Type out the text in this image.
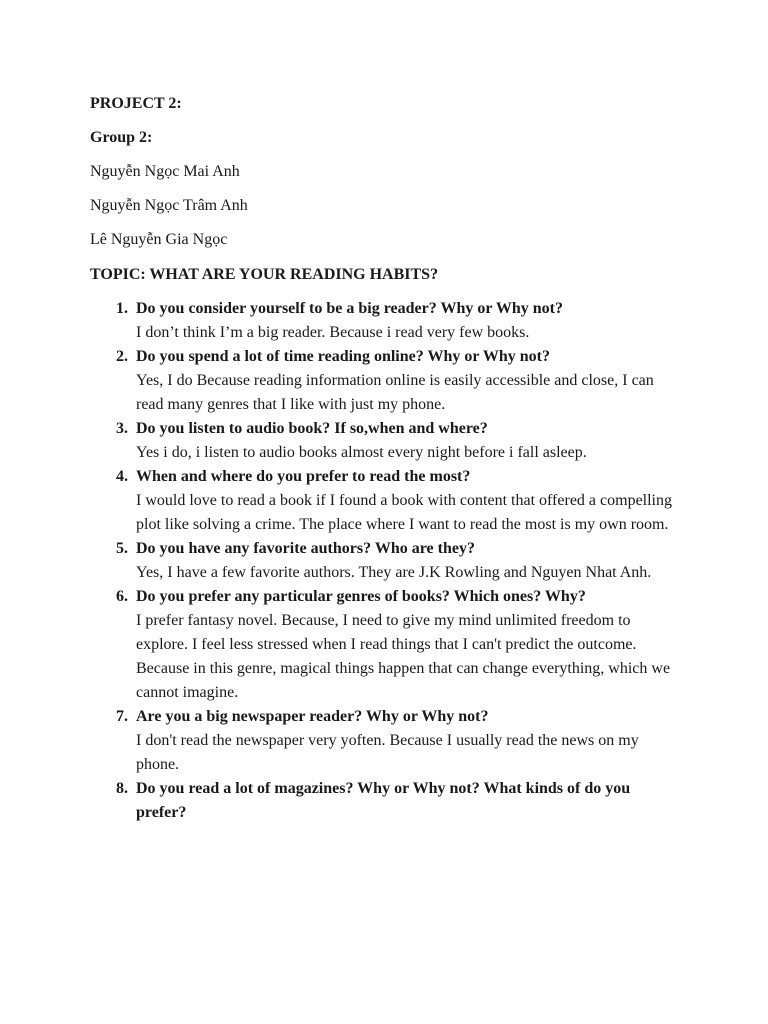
PROJECT 2:
Group 2:
Nguyễn Ngọc Mai Anh
Nguyễn Ngọc Trâm Anh
Lê Nguyễn Gia Ngọc
TOPIC: WHAT ARE YOUR READING HABITS?
1. Do you consider yourself to be a big reader? Why or Why not?
I don’t think I’m a big reader. Because i read very few books.
2. Do you spend a lot of time reading online? Why or Why not?
Yes, I do Because reading information online is easily accessible and close, I can read many genres that I like with just my phone.
3. Do you listen to audio book? If so,when and where?
Yes i do, i listen to audio books almost every night before i fall asleep.
4. When and where do you prefer to read the most?
I would love to read a book if I found a book with content that offered a compelling plot like solving a crime. The place where I want to read the most is my own room.
5. Do you have any favorite authors? Who are they?
Yes, I have a few favorite authors. They are J.K Rowling and Nguyen Nhat Anh.
6. Do you prefer any particular genres of books? Which ones? Why?
I prefer fantasy novel. Because, I need to give my mind unlimited freedom to explore. I feel less stressed when I read things that I can't predict the outcome. Because in this genre, magical things happen that can change everything, which we cannot imagine.
7. Are you a big newspaper reader? Why or Why not?
I don't read the newspaper very yoften. Because I usually read the news on my phone.
8. Do you read a lot of magazines? Why or Why not? What kinds of do you prefer?
